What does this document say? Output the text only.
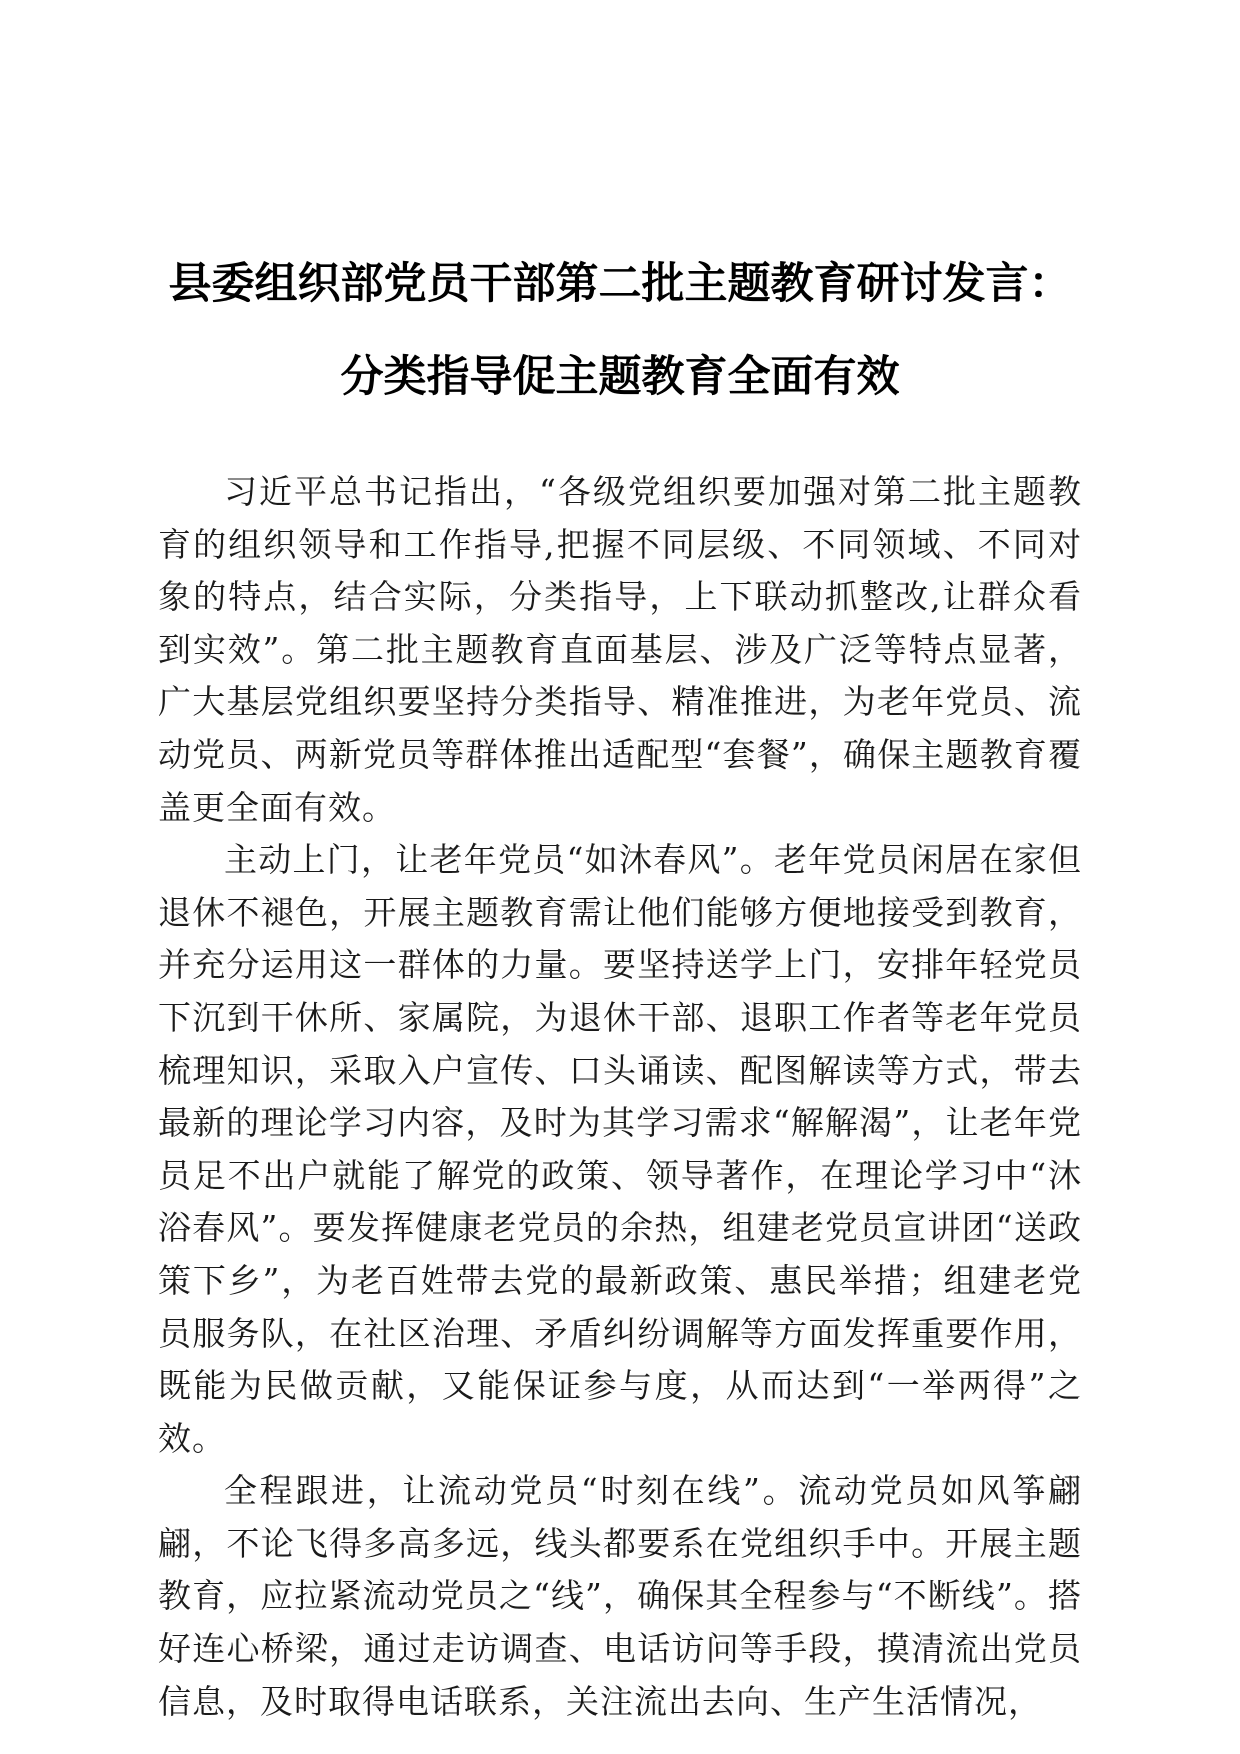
县委组织部党员干部第二批主题教育研讨发言：
分类指导促主题教育全面有效

习近平总书记指出，“各级党组织要加强对第二批主题教育的组织领导和工作指导,把握不同层级、不同领域、不同对象的特点，结合实际，分类指导，上下联动抓整改,让群众看到实效”。第二批主题教育直面基层、涉及广泛等特点显著，广大基层党组织要坚持分类指导、精准推进，为老年党员、流动党员、两新党员等群体推出适配型“套餐”，确保主题教育覆盖更全面有效。

主动上门，让老年党员“如沐春风”。老年党员闲居在家但退休不褪色，开展主题教育需让他们能够方便地接受到教育，并充分运用这一群体的力量。要坚持送学上门，安排年轻党员下沉到干休所、家属院，为退休干部、退职工作者等老年党员梳理知识，采取入户宣传、口头诵读、配图解读等方式，带去最新的理论学习内容，及时为其学习需求“解解渴”，让老年党员足不出户就能了解党的政策、领导著作，在理论学习中“沐浴春风”。要发挥健康老党员的余热，组建老党员宣讲团“送政策下乡”，为老百姓带去党的最新政策、惠民举措；组建老党员服务队，在社区治理、矛盾纠纷调解等方面发挥重要作用，既能为民做贡献，又能保证参与度，从而达到“一举两得”之效。

全程跟进，让流动党员“时刻在线”。流动党员如风筝翩翩，不论飞得多高多远，线头都要系在党组织手中。开展主题教育，应拉紧流动党员之“线”，确保其全程参与“不断线”。搭好连心桥梁，通过走访调查、电话访问等手段，摸清流出党员信息，及时取得电话联系，关注流出去向、生产生活情况，
